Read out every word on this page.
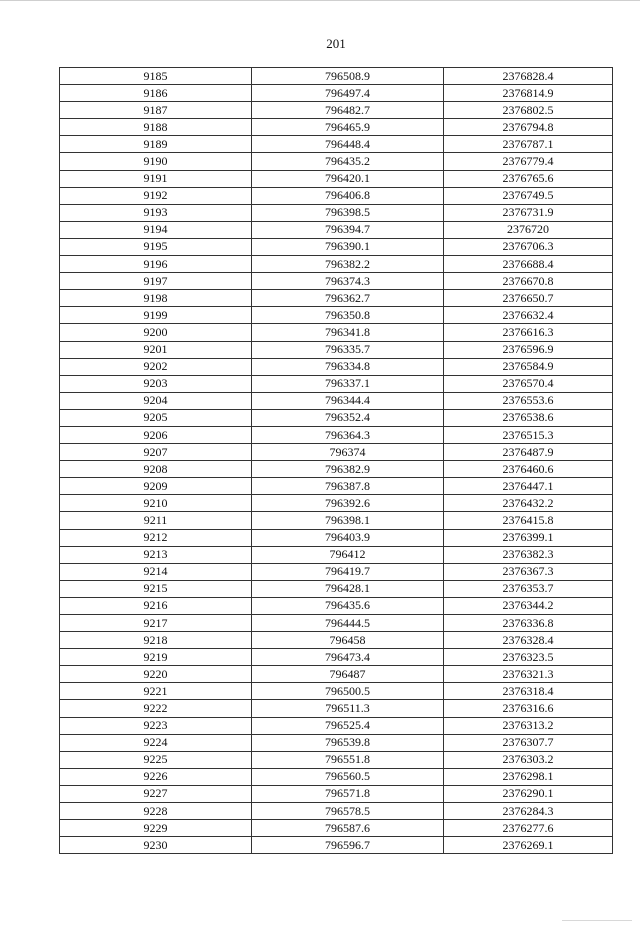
201
9185	796508.9	2376828.4
9186	796497.4	2376814.9
9187	796482.7	2376802.5
9188	796465.9	2376794.8
9189	796448.4	2376787.1
9190	796435.2	2376779.4
9191	796420.1	2376765.6
9192	796406.8	2376749.5
9193	796398.5	2376731.9
9194	796394.7	2376720
9195	796390.1	2376706.3
9196	796382.2	2376688.4
9197	796374.3	2376670.8
9198	796362.7	2376650.7
9199	796350.8	2376632.4
9200	796341.8	2376616.3
9201	796335.7	2376596.9
9202	796334.8	2376584.9
9203	796337.1	2376570.4
9204	796344.4	2376553.6
9205	796352.4	2376538.6
9206	796364.3	2376515.3
9207	796374	2376487.9
9208	796382.9	2376460.6
9209	796387.8	2376447.1
9210	796392.6	2376432.2
9211	796398.1	2376415.8
9212	796403.9	2376399.1
9213	796412	2376382.3
9214	796419.7	2376367.3
9215	796428.1	2376353.7
9216	796435.6	2376344.2
9217	796444.5	2376336.8
9218	796458	2376328.4
9219	796473.4	2376323.5
9220	796487	2376321.3
9221	796500.5	2376318.4
9222	796511.3	2376316.6
9223	796525.4	2376313.2
9224	796539.8	2376307.7
9225	796551.8	2376303.2
9226	796560.5	2376298.1
9227	796571.8	2376290.1
9228	796578.5	2376284.3
9229	796587.6	2376277.6
9230	796596.7	2376269.1
